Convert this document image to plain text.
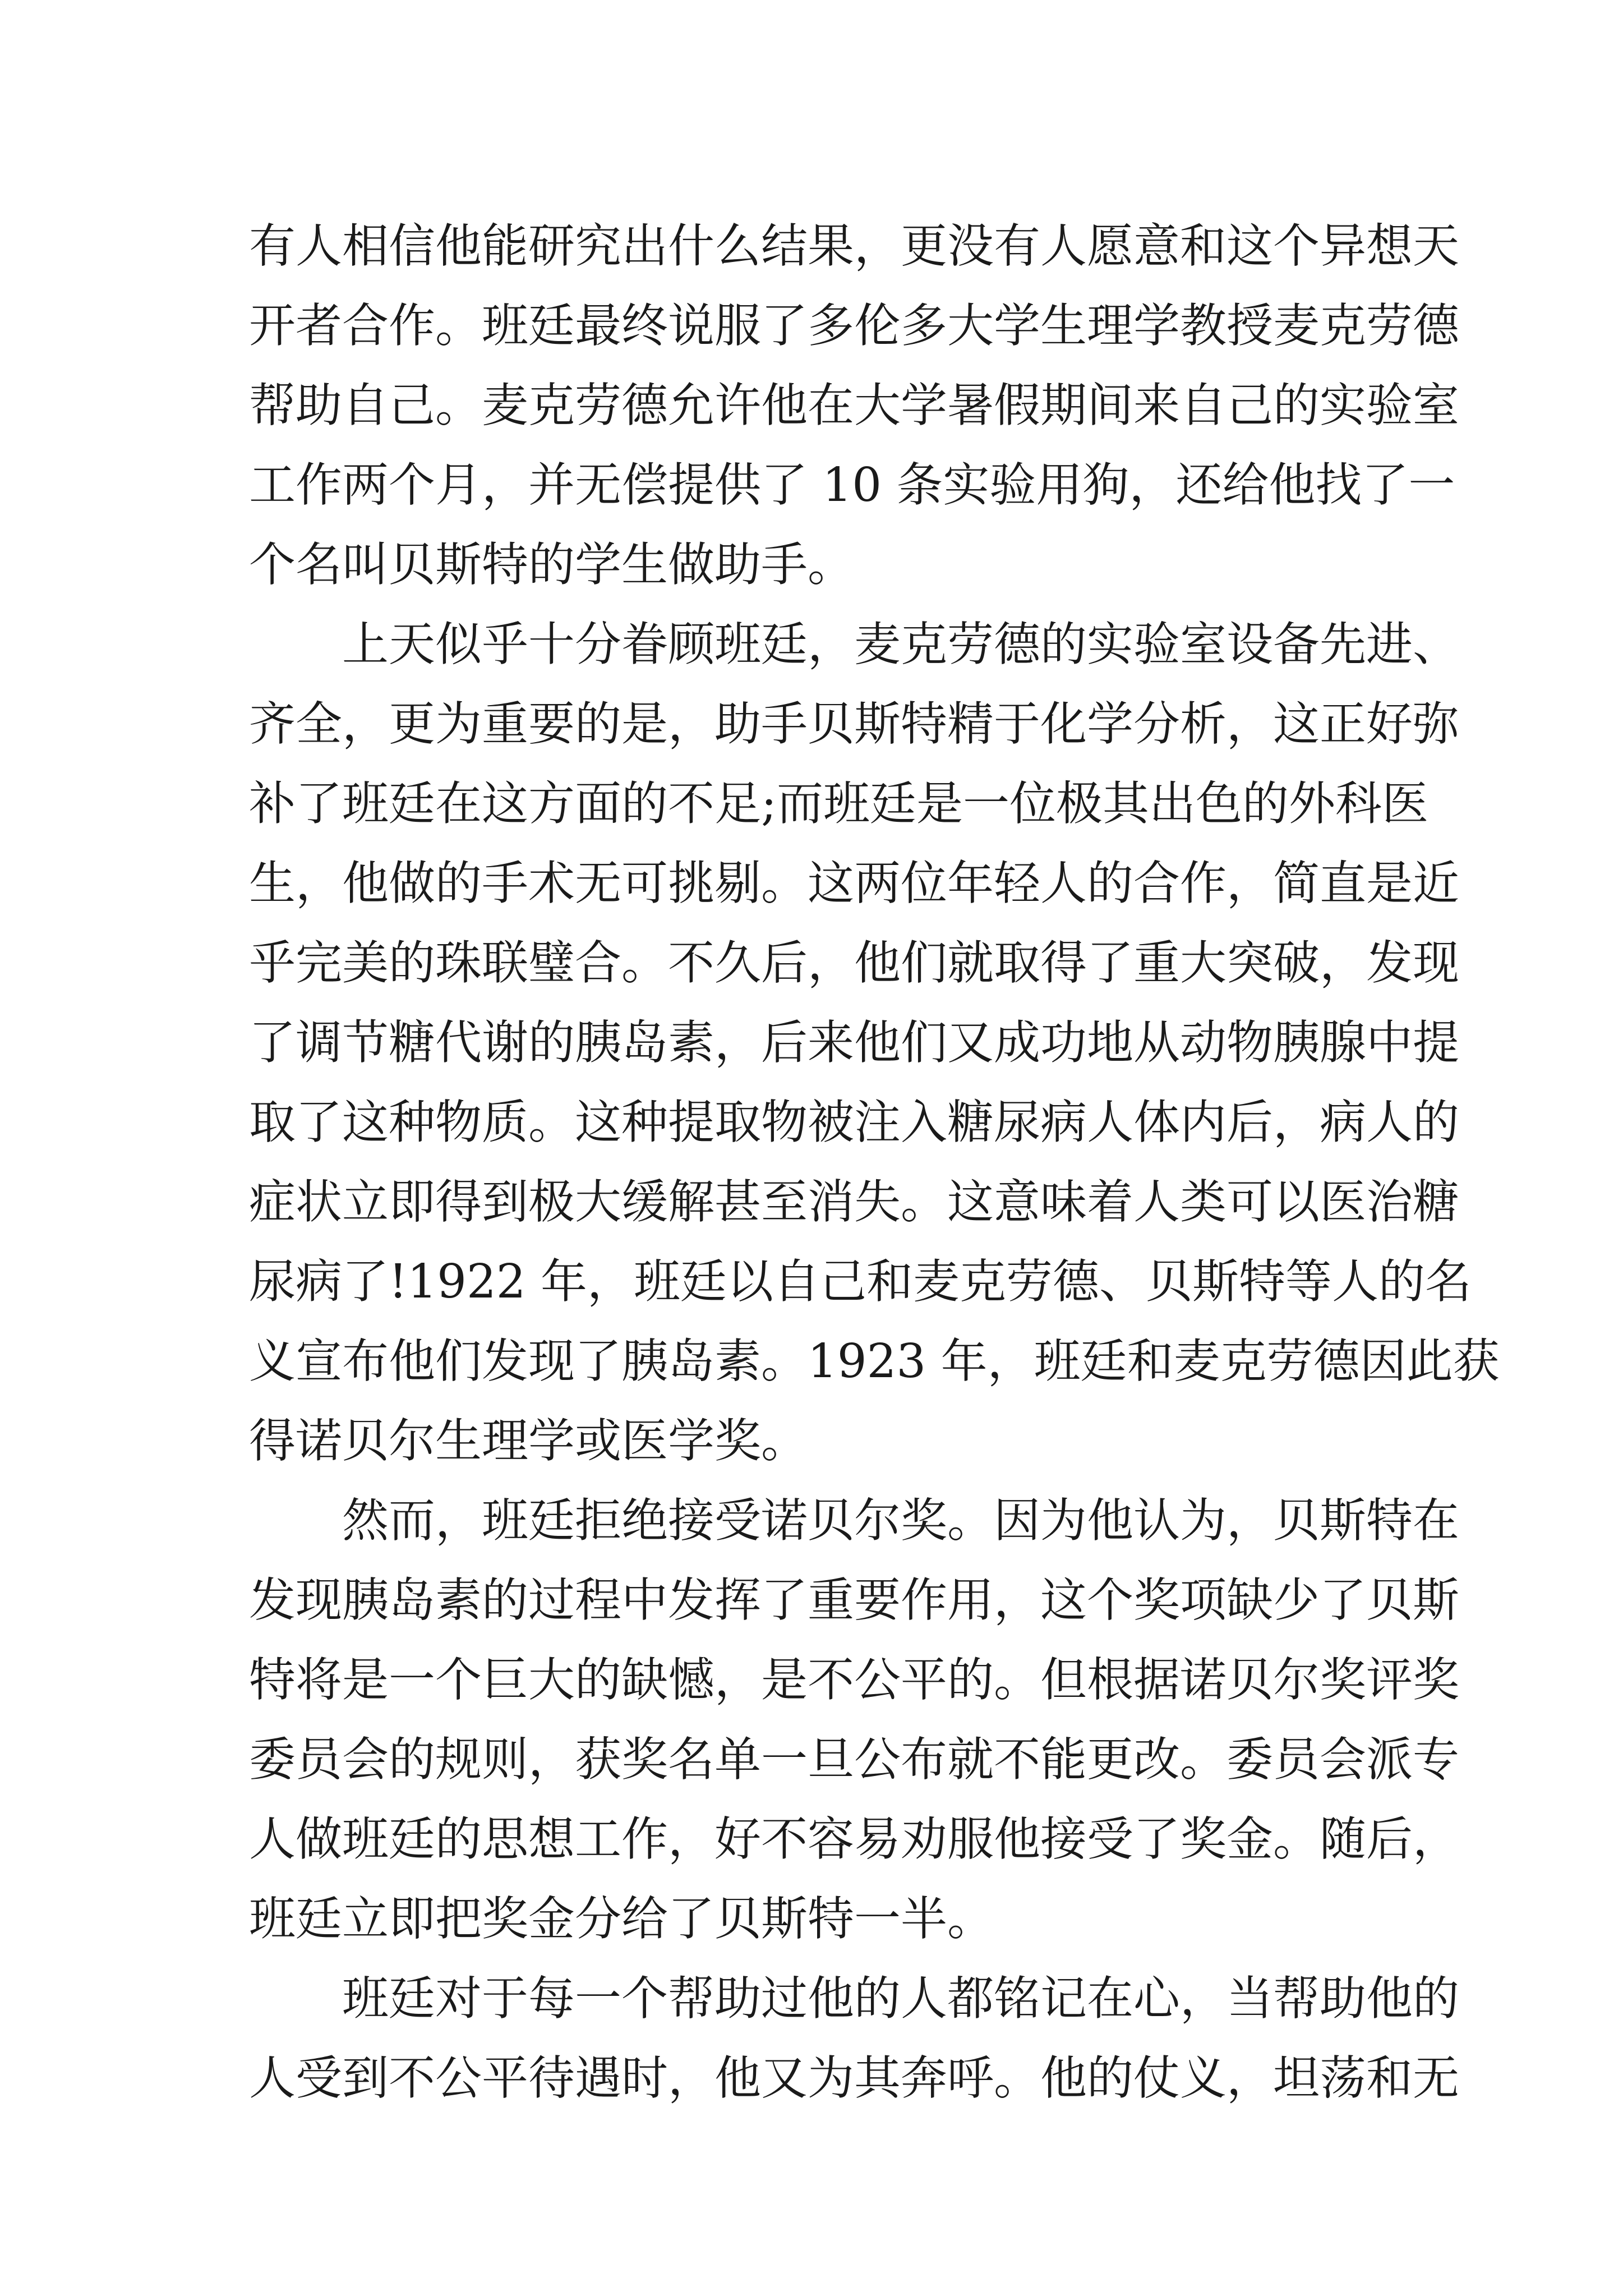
有人相信他能研究出什么结果，更没有人愿意和这个异想天
开者合作。班廷最终说服了多伦多大学生理学教授麦克劳德
帮助自己。麦克劳德允许他在大学暑假期间来自己的实验室
工作两个月，并无偿提供了 10 条实验用狗，还给他找了一
个名叫贝斯特的学生做助手。
上天似乎十分眷顾班廷，麦克劳德的实验室设备先进、
齐全，更为重要的是，助手贝斯特精于化学分析，这正好弥
补了班廷在这方面的不足;而班廷是一位极其出色的外科医
生，他做的手术无可挑剔。这两位年轻人的合作，简直是近
乎完美的珠联璧合。不久后，他们就取得了重大突破，发现
了调节糖代谢的胰岛素，后来他们又成功地从动物胰腺中提
取了这种物质。这种提取物被注入糖尿病人体内后，病人的
症状立即得到极大缓解甚至消失。这意味着人类可以医治糖
尿病了!1922 年，班廷以自己和麦克劳德、贝斯特等人的名
义宣布他们发现了胰岛素。1923 年，班廷和麦克劳德因此获
得诺贝尔生理学或医学奖。
然而，班廷拒绝接受诺贝尔奖。因为他认为，贝斯特在
发现胰岛素的过程中发挥了重要作用，这个奖项缺少了贝斯
特将是一个巨大的缺憾，是不公平的。但根据诺贝尔奖评奖
委员会的规则，获奖名单一旦公布就不能更改。委员会派专
人做班廷的思想工作，好不容易劝服他接受了奖金。随后，
班廷立即把奖金分给了贝斯特一半。
班廷对于每一个帮助过他的人都铭记在心，当帮助他的
人受到不公平待遇时，他又为其奔呼。他的仗义，坦荡和无
